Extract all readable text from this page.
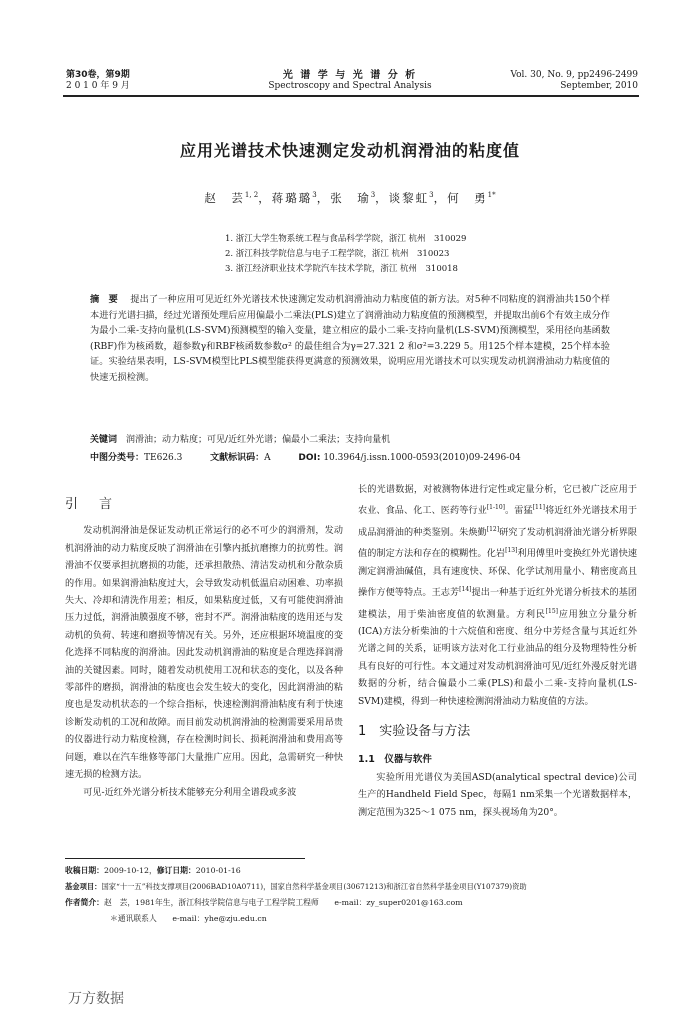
第30卷，第9期
2 0 1 0 年 9 月
光 谱 学 与 光 谱 分 析
Spectroscopy and Spectral Analysis
Vol. 30, No. 9, pp2496-2499
September, 2010
应用光谱技术快速测定发动机润滑油的粘度值
赵　芸$^{1, 2}$，蒋璐璐$^3$，张　瑜$^3$，谈黎虹$^3$，何　勇$^{1*}$
1. 浙江大学生物系统工程与食品科学学院，浙江 杭州　310029
2. 浙江科技学院信息与电子工程学院，浙江 杭州　310023
3. 浙江经济职业技术学院汽车技术学院，浙江 杭州　310018
摘 要　 提出了一种应用可见近红外光谱技术快速测定发动机润滑油动力粘度值的新方法。对5种不同粘度的润滑油共150个样本进行光谱扫描，经过光谱预处理后应用偏最小二乘法(PLS)建立了润滑油动力粘度值的预测模型，并提取出前6个有效主成分作为最小二乘-支持向量机(LS-SVM)预测模型的输入变量，建立相应的最小二乘-支持向量机(LS-SVM)预测模型，采用径向基函数(RBF)作为核函数，超参数γ和RBF核函数参数σ² 的最佳组合为γ=27.321 2 和σ²=3.229 5。用125个样本建模，25个样本验证。实验结果表明，LS-SVM模型比PLS模型能获得更满意的预测效果，说明应用光谱技术可以实现发动机润滑油动力粘度值的快速无损检测。
关键词　 润滑油；动力粘度；可见/近红外光谱；偏最小二乘法；支持向量机
中图分类号：TE626.3	文献标识码：A	DOI: 10.3964/j.issn.1000-0593(2010)09-2496-04
引　言

发动机润滑油是保证发动机正常运行的必不可少的润滑剂，发动机润滑油的动力粘度反映了润滑油在引擎内抵抗磨擦力的抗剪性。润滑油不仅要承担抗磨损的功能，还承担散热、清洁发动机和分散杂质的作用。如果润滑油粘度过大，会导致发动机低温启动困难、功率损失大、冷却和清洗作用差；相反，如果粘度过低，又有可能使润滑油压力过低，润滑油膜强度不够，密封不严。润滑油粘度的选用还与发动机的负荷、转速和磨损等情况有关。另外，还应根据环境温度的变化选择不同粘度的润滑油。因此发动机润滑油的粘度是合理选择润滑油的关键因素。同时，随着发动机使用工况和状态的变化，以及各种零部件的磨损，润滑油的粘度也会发生较大的变化，因此润滑油的粘度也是发动机状态的一个综合指标，快速检测润滑油粘度有利于快速诊断发动机的工况和故障。而目前发动机润滑油的检测需要采用昂贵的仪器进行动力粘度检测，存在检测时间长、损耗润滑油和费用高等问题，难以在汽车维修等部门大量推广应用。因此，急需研究一种快速无损的检测方法。

可见-近红外光谱分析技术能够充分利用全谱段或多波

长的光谱数据，对被测物体进行定性或定量分析，它已被广泛应用于农业、食品、化工、医药等行业[1-10]。雷猛[11]将近红外光谱技术用于成品润滑油的种类鉴别。朱焕勤[12]研究了发动机润滑油光谱分析界限值的制定方法和存在的模糊性。化岩[13]利用傅里叶变换红外光谱快速测定润滑油碱值，具有速度快、环保、化学试剂用量小、精密度高且操作方便等特点。王志芳[14]提出一种基于近红外光谱分析技术的基团建模法，用于柴油密度值的软测量。方利民[15]应用独立分量分析(ICA)方法分析柴油的十六烷值和密度、组分中芳烃含量与其近红外光谱之间的关系，证明该方法对化工行业油品的组分及物理特性分析具有良好的可行性。本文通过对发动机润滑油可见/近红外漫反射光谱数据的分析，结合偏最小二乘(PLS)和最小二乘-支持向量机(LS-SVM)建模，得到一种快速检测润滑油动力粘度值的方法。

1　实验设备与方法
1.1　仪器与软件

实验所用光谱仪为美国ASD(analytical spectral device)公司生产的Handheld Field Spec，每隔1 nm采集一个光谱数据样本，测定范围为325～1 075 nm，探头视场角为20°。

收稿日期：2009-10-12，修订日期：2010-01-16
基金项目：国家“十一五”科技支撑项目(2006BAD10A0711)，国家自然科学基金项目(30671213)和浙江省自然科学基金项目(Y107379)资助
作者简介：赵　芸，1981年生，浙江科技学院信息与电子工程学院工程师　　e-mail：zy_super0201@163.com
＊通讯联系人　　e-mail：yhe@zju.edu.cn
万方数据
